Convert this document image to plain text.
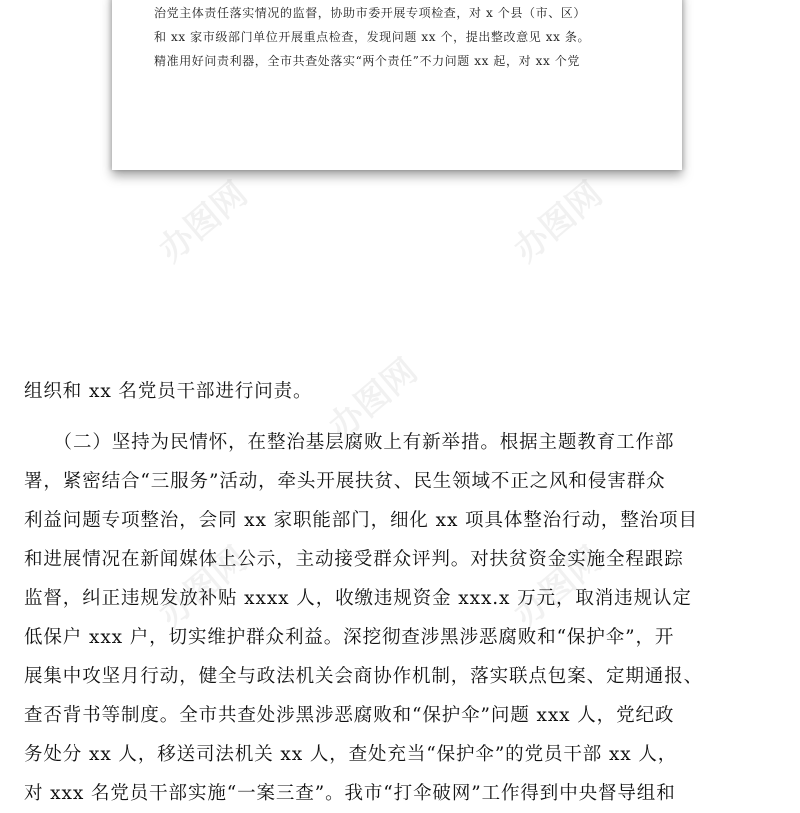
治党主体责任落实情况的监督，协助市委开展专项检查，对 x 个县（市、区）
和 xx 家市级部门单位开展重点检查，发现问题 xx 个，提出整改意见 xx 条。
精准用好问责利器，全市共查处落实“两个责任”不力问题 xx 起，对 xx 个党
办图网	办图网
办图网
办图网	办图网
组织和 xx 名党员干部进行问责。
　　（二）坚持为民情怀，在整治基层腐败上有新举措。根据主题教育工作部
署，紧密结合“三服务”活动，牵头开展扶贫、民生领域不正之风和侵害群众
利益问题专项整治，会同 xx 家职能部门，细化 xx 项具体整治行动，整治项目
和进展情况在新闻媒体上公示，主动接受群众评判。对扶贫资金实施全程跟踪
监督，纠正违规发放补贴 xxxx 人，收缴违规资金 xxx.x 万元，取消违规认定
低保户 xxx 户，切实维护群众利益。深挖彻查涉黑涉恶腐败和“保护伞”，开
展集中攻坚月行动，健全与政法机关会商协作机制，落实联点包案、定期通报、
查否背书等制度。全市共查处涉黑涉恶腐败和“保护伞”问题 xxx 人，党纪政
务处分 xx 人，移送司法机关 xx 人，查处充当“保护伞”的党员干部 xx 人，
对 xxx 名党员干部实施“一案三查”。我市“打伞破网”工作得到中央督导组和
